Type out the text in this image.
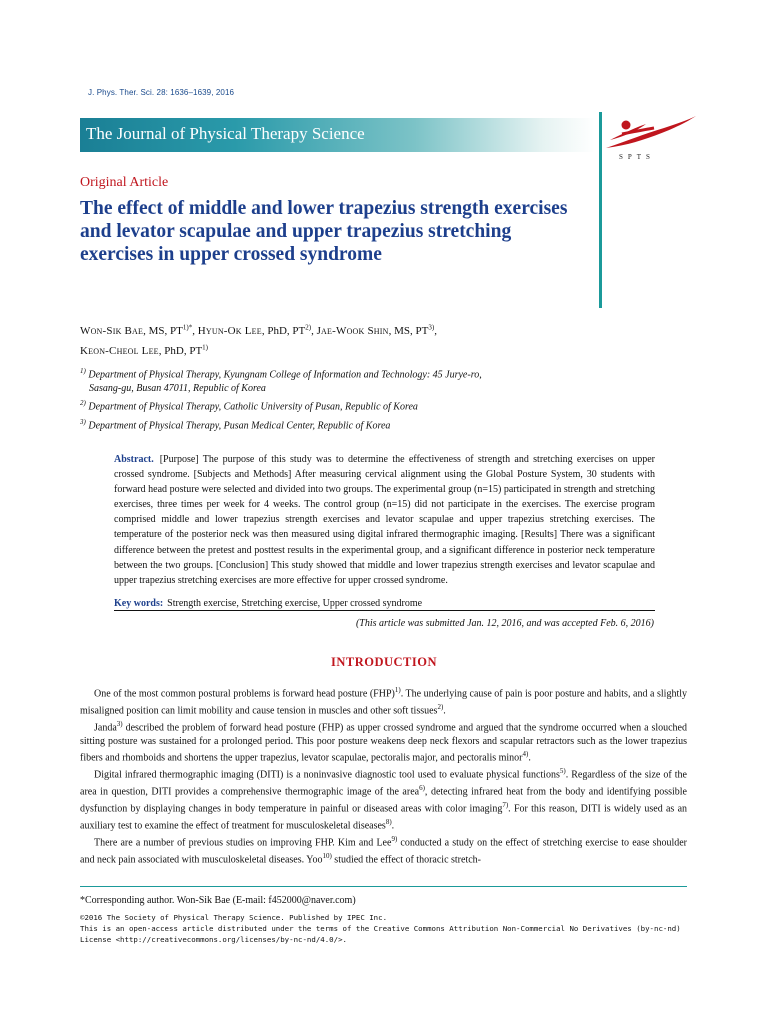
J. Phys. Ther. Sci. 28: 1636–1639, 2016
The Journal of Physical Therapy Science
SPTS
Original Article
The effect of middle and lower trapezius strength exercises and levator scapulae and upper trapezius stretching exercises in upper crossed syndrome
Won-Sik Bae, MS, $PT^{1)*}$, Hyun-Ok Lee, PhD, PT$^{2)}$, Jae-Wook Shin, MS, PT$^{3)}$,
Keon-Cheol Lee, PhD, PT$^{1)}$
$^{1)}$ Department of Physical Therapy, Kyungnam College of Information and Technology: 45 Jurye-ro,
Sasang-gu, Busan 47011, Republic of Korea
$^{2)}$ Department of Physical Therapy, Catholic University of Pusan, Republic of Korea
$^{3)}$ Department of Physical Therapy, Pusan Medical Center, Republic of Korea
Abstract. [Purpose] The purpose of this study was to determine the effectiveness of strength and stretching exercises on upper crossed syndrome. [Subjects and Methods] After measuring cervical alignment using the Global Posture System, 30 students with forward head posture were selected and divided into two groups. The experimental group (n=15) participated in strength and stretching exercises, three times per week for 4 weeks. The control group (n=15) did not participate in the exercises. The exercise program comprised middle and lower trapezius strength exercises and levator scapulae and upper trapezius stretching exercises. The temperature of the posterior neck was then measured using digital infrared thermographic imaging. [Results] There was a significant difference between the pretest and posttest results in the experimental group, and a significant difference in posterior neck temperature between the two groups. [Conclusion] This study showed that middle and lower trapezius strength exercises and levator scapulae and upper trapezius stretching exercises are more effective for upper crossed syndrome.
Key words: Strength exercise, Stretching exercise, Upper crossed syndrome
(This article was submitted Jan. 12, 2016, and was accepted Feb. 6, 2016)
INTRODUCTION

One of the most common postural problems is forward head posture (FHP)$^{1)}$. The underlying cause of pain is poor posture and habits, and a slightly misaligned position can limit mobility and cause tension in muscles and other soft tissues$^{2)}$.

Janda$^{3)}$ described the problem of forward head posture (FHP) as upper crossed syndrome and argued that the syndrome occurred when a slouched sitting posture was sustained for a prolonged period. This poor posture weakens deep neck flexors and scapular retractors such as the lower trapezius fibers and rhomboids and shortens the upper trapezius, levator scapulae, pectoralis major, and pectoralis minor$^{4)}$.

Digital infrared thermographic imaging (DITI) is a noninvasive diagnostic tool used to evaluate physical functions$^{5)}$. Regardless of the size of the area in question, DITI provides a comprehensive thermographic image of the area$^{6)}$, detecting infrared heat from the body and identifying possible dysfunction by displaying changes in body temperature in painful or diseased areas with color imaging$^{7)}$. For this reason, DITI is widely used as an auxiliary test to examine the effect of treatment for musculoskeletal diseases$^{8)}$.

There are a number of previous studies on improving FHP. Kim and Lee$^{9)}$ conducted a study on the effect of stretching exercise to ease shoulder and neck pain associated with musculoskeletal diseases. Yoo$^{10)}$ studied the effect of thoracic stretch-

*Corresponding author. Won-Sik Bae (E-mail: f452000@naver.com)
©2016 The Society of Physical Therapy Science. Published by IPEC Inc.
This is an open-access article distributed under the terms of the Creative Commons Attribution Non-Commercial No Derivatives (by-nc-nd)
License <http://creativecommons.org/licenses/by-nc-nd/4.0/>.
